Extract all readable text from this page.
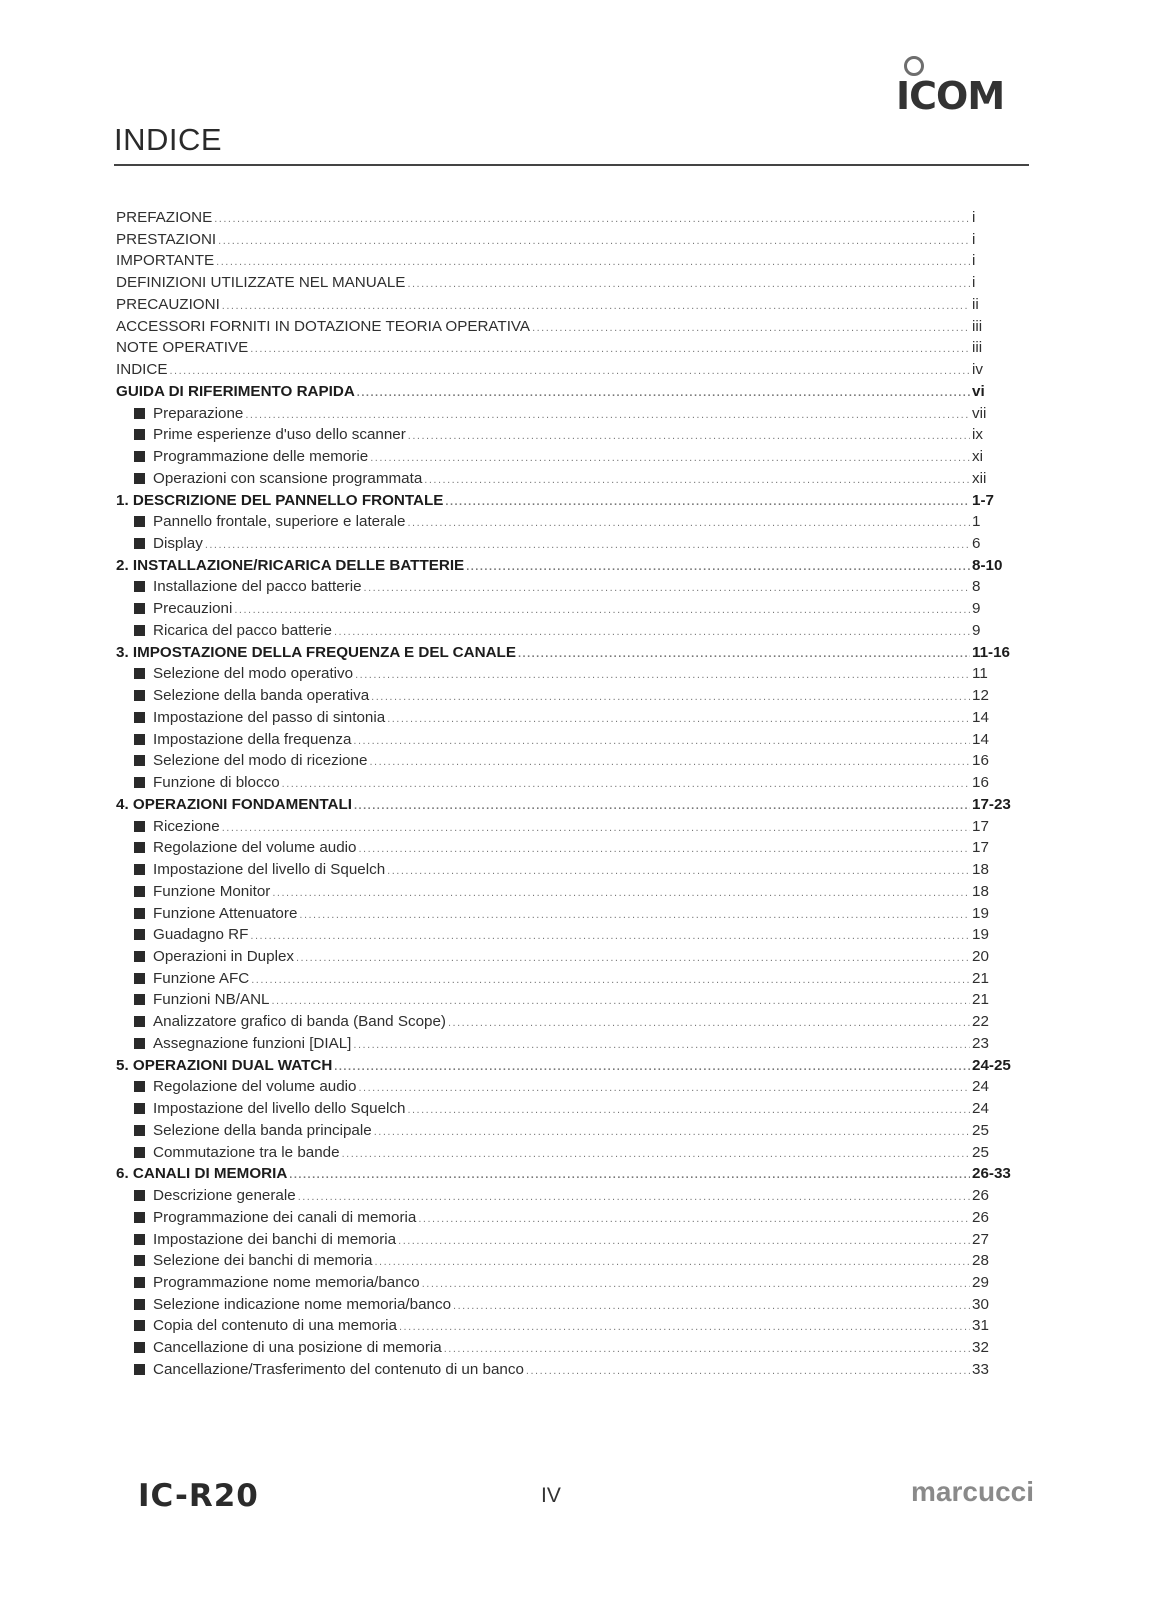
ICOM
INDICE
PREFAZIONE .....	i
PRESTAZIONI .....	i
IMPORTANTE .....	i
DEFINIZIONI UTILIZZATE NEL MANUALE .....	i
PRECAUZIONI .....	ii
ACCESSORI FORNITI IN DOTAZIONE TEORIA OPERATIVA .....	iii
NOTE OPERATIVE .....	iii
INDICE .....	iv
GUIDA DI RIFERIMENTO RAPIDA .....	vi
Preparazione .....	vii
Prime esperienze d'uso dello scanner .....	ix
Programmazione delle memorie .....	xi
Operazioni con scansione programmata .....	xii
1. DESCRIZIONE DEL PANNELLO FRONTALE .....	1-7
Pannello frontale, superiore e laterale .....	1
Display .....	6
2. INSTALLAZIONE/RICARICA DELLE BATTERIE .....	8-10
Installazione del pacco batterie .....	8
Precauzioni .....	9
Ricarica del pacco batterie .....	9
3. IMPOSTAZIONE DELLA FREQUENZA E DEL CANALE .....	11-16
Selezione del modo operativo .....	11
Selezione della banda operativa .....	12
Impostazione del passo di sintonia .....	14
Impostazione della frequenza .....	14
Selezione del modo di ricezione .....	16
Funzione di blocco .....	16
4. OPERAZIONI FONDAMENTALI .....	17-23
Ricezione .....	17
Regolazione del volume audio .....	17
Impostazione del livello di Squelch .....	18
Funzione Monitor .....	18
Funzione Attenuatore .....	19
Guadagno RF .....	19
Operazioni in Duplex .....	20
Funzione AFC .....	21
Funzioni NB/ANL .....	21
Analizzatore grafico di banda (Band Scope) .....	22
Assegnazione funzioni [DIAL] .....	23
5. OPERAZIONI DUAL WATCH .....	24-25
Regolazione del volume audio .....	24
Impostazione del livello dello Squelch .....	24
Selezione della banda principale .....	25
Commutazione tra le bande .....	25
6. CANALI DI MEMORIA .....	26-33
Descrizione generale .....	26
Programmazione dei canali di memoria .....	26
Impostazione dei banchi di memoria .....	27
Selezione dei banchi di memoria .....	28
Programmazione nome memoria/banco .....	29
Selezione indicazione nome memoria/banco .....	30
Copia del contenuto di una memoria .....	31
Cancellazione di una posizione di memoria .....	32
Cancellazione/Trasferimento del contenuto di un banco .....	33
IC-R20	IV	marcucci
